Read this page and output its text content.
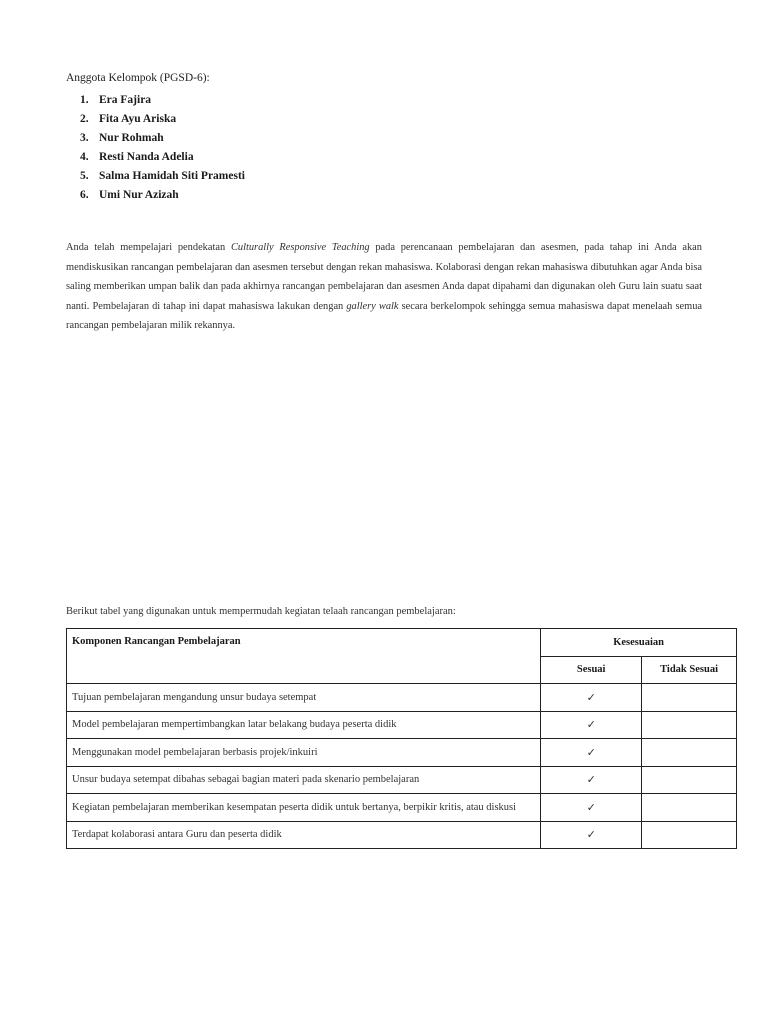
Anggota Kelompok (PGSD-6):
1. Era Fajira
2. Fita Ayu Ariska
3. Nur Rohmah
4. Resti Nanda Adelia
5. Salma Hamidah Siti Pramesti
6. Umi Nur Azizah

Anda telah mempelajari pendekatan Culturally Responsive Teaching pada perencanaan pembelajaran dan asesmen, pada tahap ini Anda akan mendiskusikan rancangan pembelajaran dan asesmen tersebut dengan rekan mahasiswa. Kolaborasi dengan rekan mahasiswa dibutuhkan agar Anda bisa saling memberikan umpan balik dan pada akhirnya rancangan pembelajaran dan asesmen Anda dapat dipahami dan digunakan oleh Guru lain suatu saat nanti. Pembelajaran di tahap ini dapat mahasiswa lakukan dengan gallery walk secara berkelompok sehingga semua mahasiswa dapat menelaah semua rancangan pembelajaran milik rekannya.

Berikut tabel yang digunakan untuk mempermudah kegiatan telaah rancangan pembelajaran:
Komponen Rancangan Pembelajaran	Kesesuaian	
	Sesuai	Tidak Sesuai
Tujuan pembelajaran mengandung unsur budaya setempat	✓	
Model pembelajaran mempertimbangkan latar belakang budaya peserta didik	✓	
Menggunakan model pembelajaran berbasis projek/inkuiri	✓	
Unsur budaya setempat dibahas sebagai bagian materi pada skenario pembelajaran	✓	
Kegiatan pembelajaran memberikan kesempatan peserta didik untuk bertanya, berpikir kritis, atau diskusi	✓	
Terdapat kolaborasi antara Guru dan peserta didik	✓	
